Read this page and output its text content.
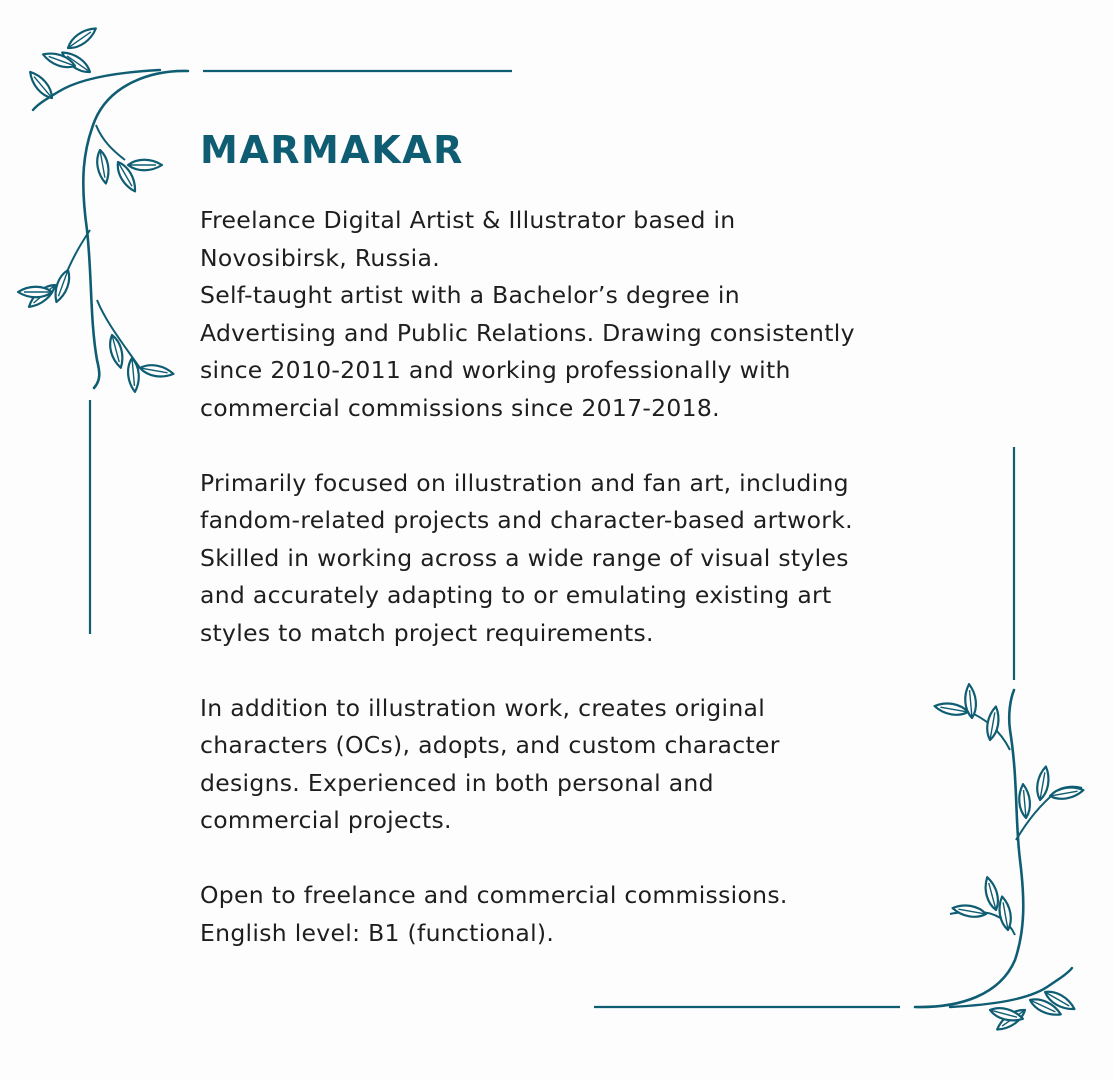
MARMAKAR

Freelance Digital Artist & Illustrator based in
Novosibirsk, Russia.
Self-taught artist with a Bachelor’s degree in
Advertising and Public Relations. Drawing consistently
since 2010-2011 and working professionally with
commercial commissions since 2017-2018.

Primarily focused on illustration and fan art, including
fandom-related projects and character-based artwork.
Skilled in working across a wide range of visual styles
and accurately adapting to or emulating existing art
styles to match project requirements.

In addition to illustration work, creates original
characters (OCs), adopts, and custom character
designs. Experienced in both personal and
commercial projects.

Open to freelance and commercial commissions.
English level: B1 (functional).
